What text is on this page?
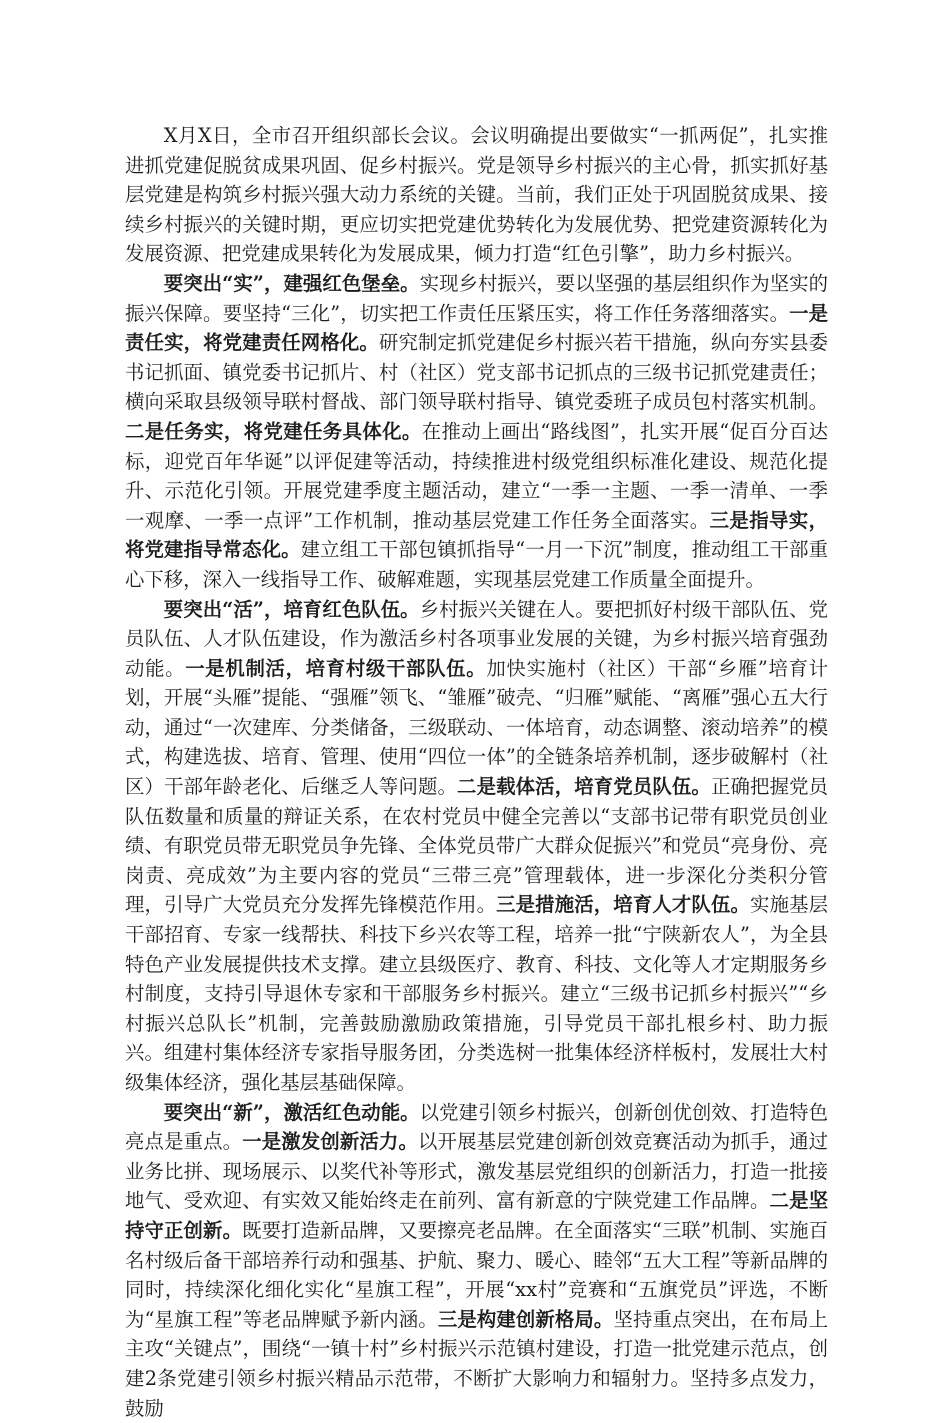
X月X日，全市召开组织部长会议。会议明确提出要做实“一抓两促”，扎实推进抓党建促脱贫成果巩固、促乡村振兴。党是领导乡村振兴的主心骨，抓实抓好基层党建是构筑乡村振兴强大动力系统的关键。当前，我们正处于巩固脱贫成果、接续乡村振兴的关键时期，更应切实把党建优势转化为发展优势、把党建资源转化为发展资源、把党建成果转化为发展成果，倾力打造“红色引擎”，助力乡村振兴。

要突出“实”，建强红色堡垒。实现乡村振兴，要以坚强的基层组织作为坚实的振兴保障。要坚持“三化”，切实把工作责任压紧压实，将工作任务落细落实。一是责任实，将党建责任网格化。研究制定抓党建促乡村振兴若干措施，纵向夯实县委书记抓面、镇党委书记抓片、村（社区）党支部书记抓点的三级书记抓党建责任；横向采取县级领导联村督战、部门领导联村指导、镇党委班子成员包村落实机制。二是任务实，将党建任务具体化。在推动上画出“路线图”，扎实开展“促百分百达标，迎党百年华诞”以评促建等活动，持续推进村级党组织标准化建设、规范化提升、示范化引领。开展党建季度主题活动，建立“一季一主题、一季一清单、一季一观摩、一季一点评”工作机制，推动基层党建工作任务全面落实。三是指导实，将党建指导常态化。建立组工干部包镇抓指导“一月一下沉”制度，推动组工干部重心下移，深入一线指导工作、破解难题，实现基层党建工作质量全面提升。

要突出“活”，培育红色队伍。乡村振兴关键在人。要把抓好村级干部队伍、党员队伍、人才队伍建设，作为激活乡村各项事业发展的关键，为乡村振兴培育强劲动能。一是机制活，培育村级干部队伍。加快实施村（社区）干部“乡雁”培育计划，开展“头雁”提能、“强雁”领飞、“雏雁”破壳、“归雁”赋能、“离雁”强心五大行动，通过“一次建库、分类储备，三级联动、一体培育，动态调整、滚动培养”的模式，构建选拔、培育、管理、使用“四位一体”的全链条培养机制，逐步破解村（社区）干部年龄老化、后继乏人等问题。二是载体活，培育党员队伍。正确把握党员队伍数量和质量的辩证关系，在农村党员中健全完善以“支部书记带有职党员创业绩、有职党员带无职党员争先锋、全体党员带广大群众促振兴”和党员“亮身份、亮岗责、亮成效”为主要内容的党员“三带三亮”管理载体，进一步深化分类积分管理，引导广大党员充分发挥先锋模范作用。三是措施活，培育人才队伍。实施基层干部招育、专家一线帮扶、科技下乡兴农等工程，培养一批“宁陕新农人”，为全县特色产业发展提供技术支撑。建立县级医疗、教育、科技、文化等人才定期服务乡村制度，支持引导退休专家和干部服务乡村振兴。建立“三级书记抓乡村振兴”“乡村振兴总队长”机制，完善鼓励激励政策措施，引导党员干部扎根乡村、助力振兴。组建村集体经济专家指导服务团，分类选树一批集体经济样板村，发展壮大村级集体经济，强化基层基础保障。

要突出“新”，激活红色动能。以党建引领乡村振兴，创新创优创效、打造特色亮点是重点。一是激发创新活力。以开展基层党建创新创效竞赛活动为抓手，通过业务比拼、现场展示、以奖代补等形式，激发基层党组织的创新活力，打造一批接地气、受欢迎、有实效又能始终走在前列、富有新意的宁陕党建工作品牌。二是坚持守正创新。既要打造新品牌，又要擦亮老品牌。在全面落实“三联”机制、实施百名村级后备干部培养行动和强基、护航、聚力、暖心、睦邻“五大工程”等新品牌的同时，持续深化细化实化“星旗工程”，开展“xx村”竞赛和“五旗党员”评选，不断为“星旗工程”等老品牌赋予新内涵。三是构建创新格局。坚持重点突出，在布局上主攻“关键点”，围绕“一镇十村”乡村振兴示范镇村建设，打造一批党建示范点，创建2条党建引领乡村振兴精品示范带，不断扩大影响力和辐射力。坚持多点发力，鼓励
